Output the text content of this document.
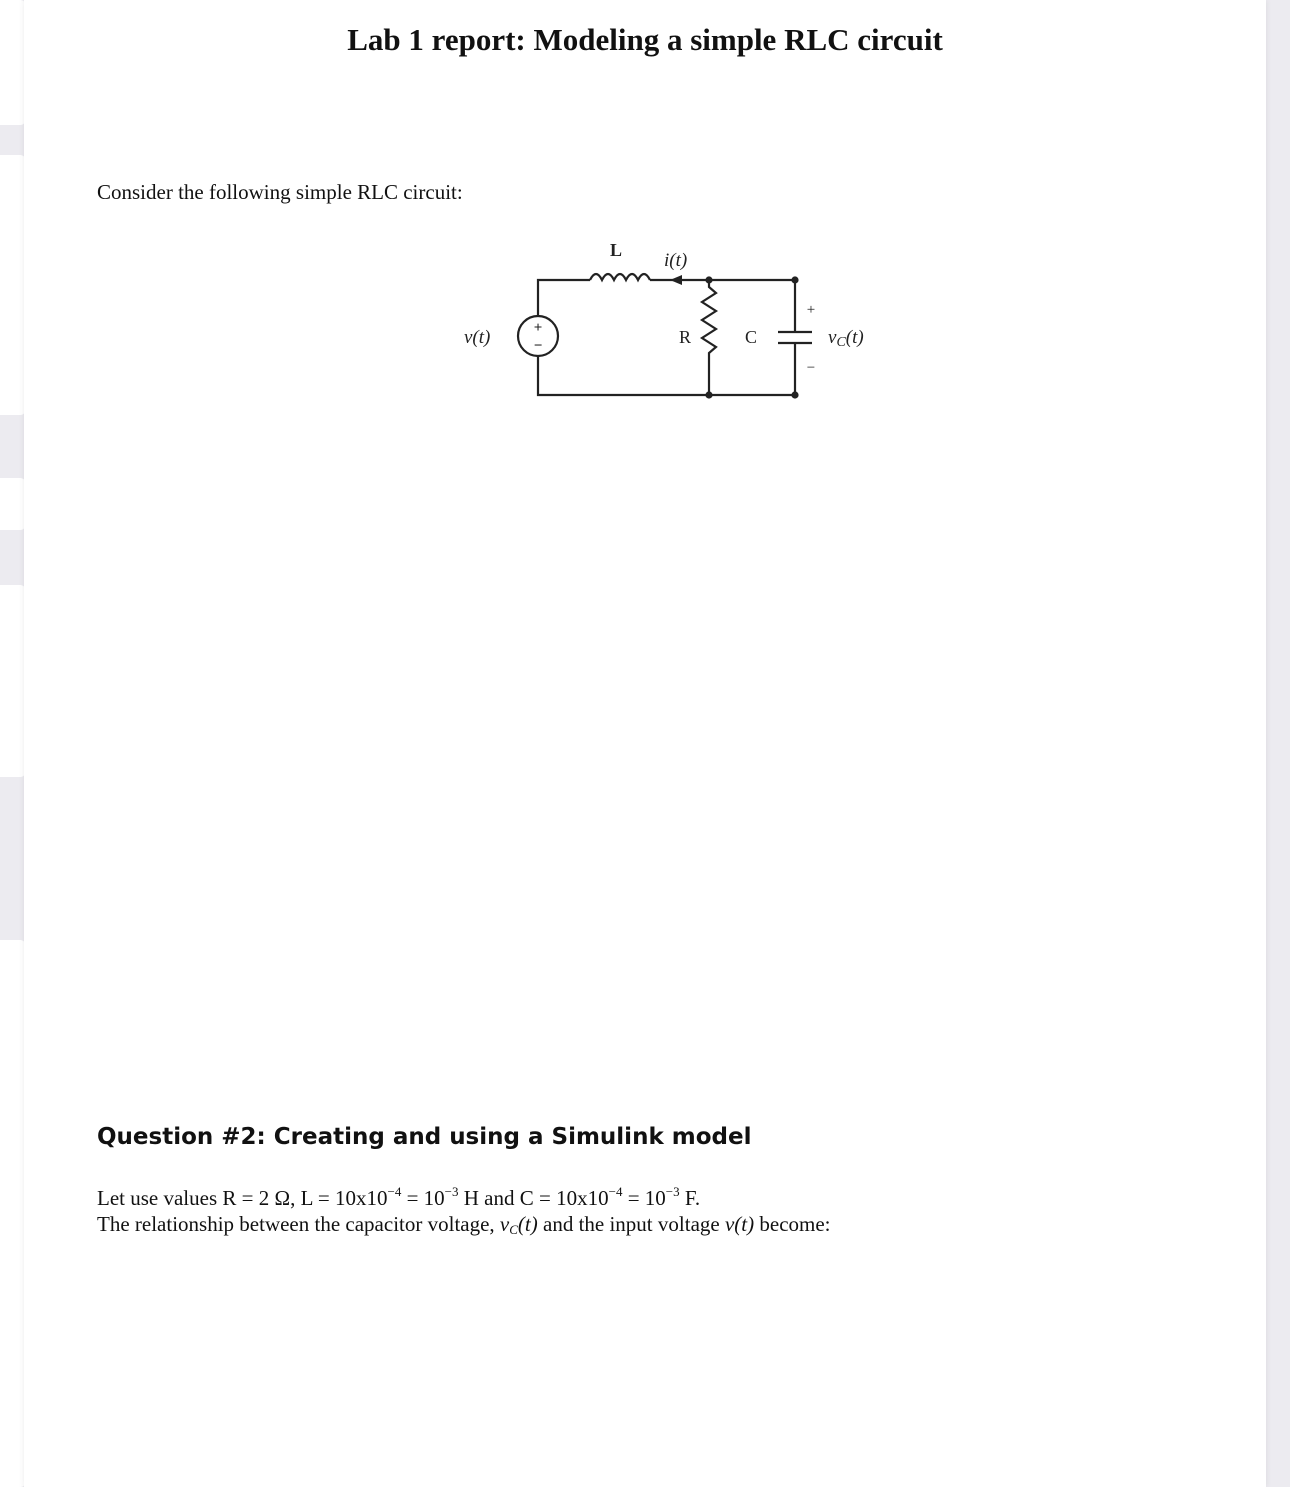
Lab 1 report: Modeling a simple RLC circuit

Consider the following simple RLC circuit:

L i(t)
v(t)	+
−	R	C
+
−
vC(t)
Question #2: Creating and using a Simulink model
Let use values R = 2 Ω, $L = 10x10^{-4} = 10^{-3}$ H and $C = 10x10^{-4} = 10^{-3}$ F.
The relationship between the capacitor voltage, $v_C(t)$ and the input voltage v(t) become:
